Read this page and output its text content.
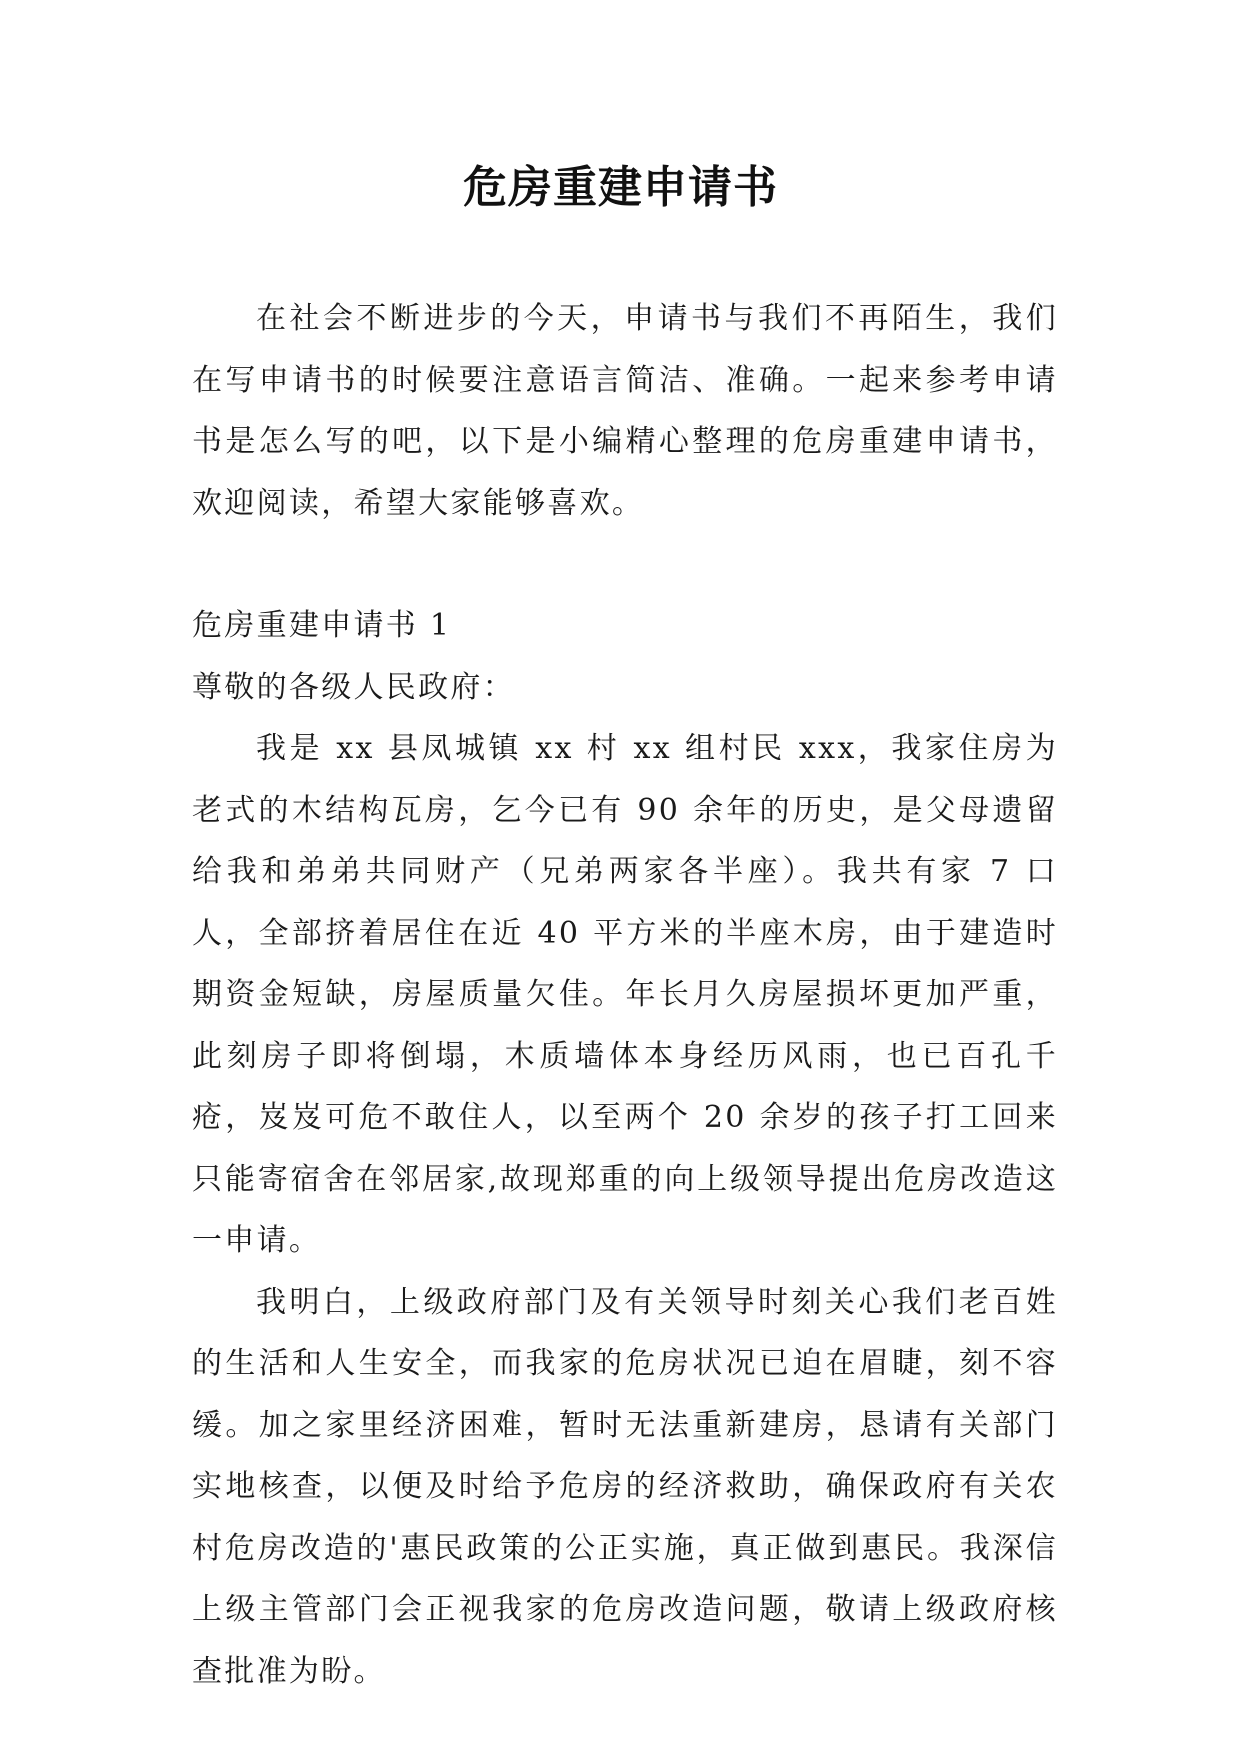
危房重建申请书

在社会不断进步的今天，申请书与我们不再陌生，我们在写申请书的时候要注意语言简洁、准确。一起来参考申请书是怎么写的吧，以下是小编精心整理的危房重建申请书，欢迎阅读，希望大家能够喜欢。

危房重建申请书 1

尊敬的各级人民政府：

我是 xx 县凤城镇 xx 村 xx 组村民 xxx，我家住房为老式的木结构瓦房，乞今已有 90 余年的历史，是父母遗留给我和弟弟共同财产（兄弟两家各半座）。我共有家 7 口人，全部挤着居住在近 40 平方米的半座木房，由于建造时期资金短缺，房屋质量欠佳。年长月久房屋损坏更加严重，此刻房子即将倒塌，木质墙体本身经历风雨，也已百孔千疮，岌岌可危不敢住人，以至两个 20 余岁的孩子打工回来只能寄宿舍在邻居家,故现郑重的向上级领导提出危房改造这一申请。

我明白，上级政府部门及有关领导时刻关心我们老百姓的生活和人生安全，而我家的危房状况已迫在眉睫，刻不容缓。加之家里经济困难，暂时无法重新建房，恳请有关部门实地核查，以便及时给予危房的经济救助，确保政府有关农村危房改造的'惠民政策的公正实施，真正做到惠民。我深信上级主管部门会正视我家的危房改造问题，敬请上级政府核查批准为盼。
